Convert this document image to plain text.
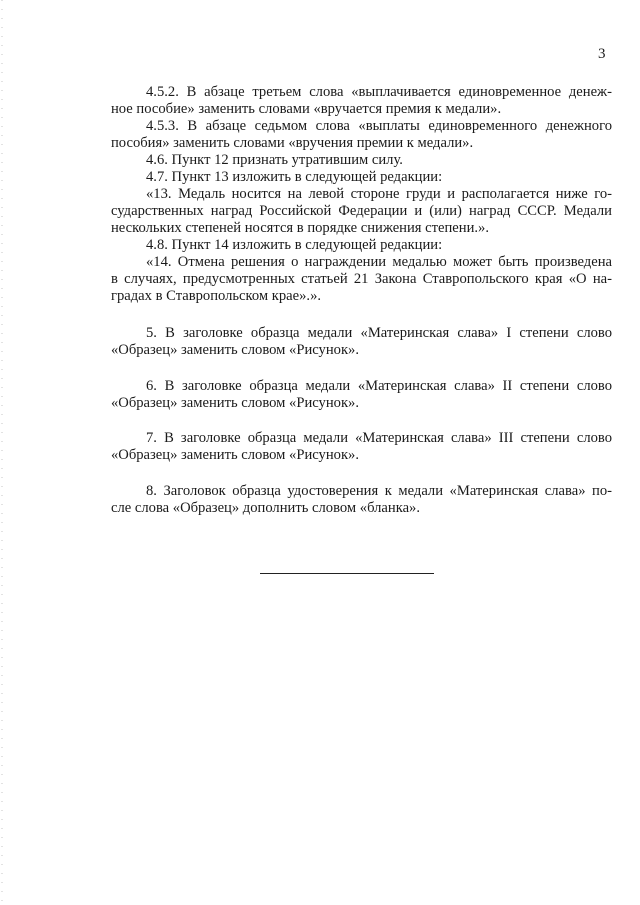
3
4.5.2. В абзаце третьем слова «выплачивается единовременное денеж-
ное пособие» заменить словами «вручается премия к медали».
4.5.3. В абзаце седьмом слова «выплаты единовременного денежного
пособия» заменить словами «вручения премии к медали».
4.6. Пункт 12 признать утратившим силу.
4.7. Пункт 13 изложить в следующей редакции:
«13. Медаль носится на левой стороне груди и располагается ниже го-
сударственных наград Российской Федерации и (или) наград СССР. Медали
нескольких степеней носятся в порядке снижения степени.».
4.8. Пункт 14 изложить в следующей редакции:
«14. Отмена решения о награждении медалью может быть произведена
в случаях, предусмотренных статьей 21 Закона Ставропольского края «О на-
градах в Ставропольском крае».».
5. В заголовке образца медали «Материнская слава» I степени слово
«Образец» заменить словом «Рисунок».
6. В заголовке образца медали «Материнская слава» II степени слово
«Образец» заменить словом «Рисунок».
7. В заголовке образца медали «Материнская слава» III степени слово
«Образец» заменить словом «Рисунок».
8. Заголовок образца удостоверения к медали «Материнская слава» по-
сле слова «Образец» дополнить словом «бланка».
